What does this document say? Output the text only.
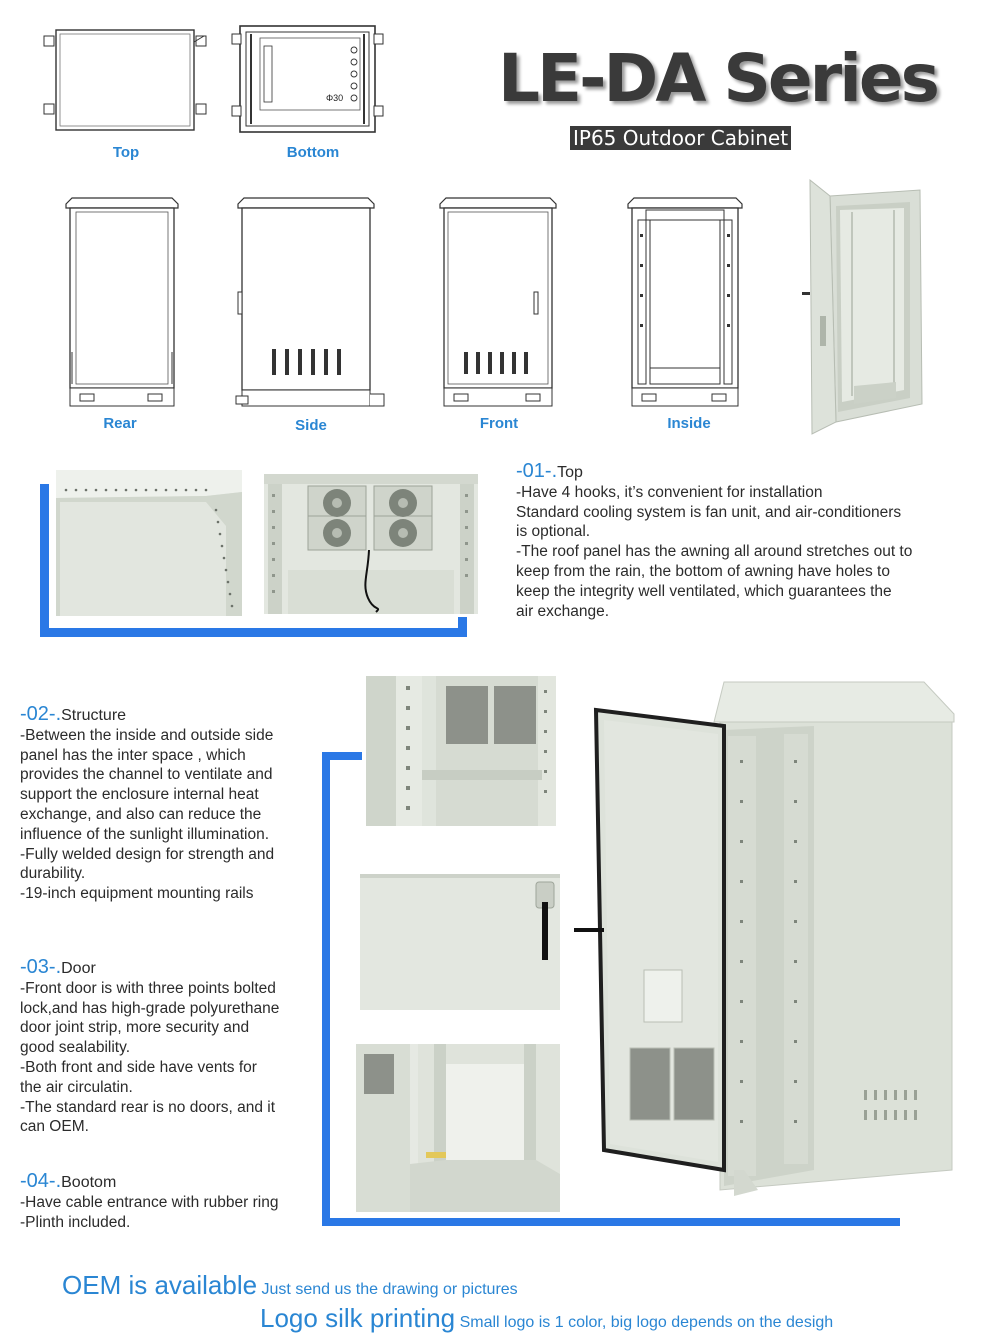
LE-DA Series
IP65 Outdoor Cabinet
Top
Φ30
Bottom
Rear	Side	Front	Inside
-01-.Top

-Have 4 hooks, it’s convenient for installation
Standard cooling system is fan unit, and air-conditioners
is optional.
-The roof panel has the awning all around stretches out to
keep from the rain, the bottom of awning have holes to
keep the integrity well ventilated, which guarantees the
air exchange.

-02-.Structure

-Between the inside and outside side
panel has the inter space , which
provides the channel to ventilate and
support the enclosure internal heat
exchange, and also can reduce the
influence of the sunlight illumination.
-Fully welded design for strength and
durability.
-19-inch equipment mounting rails

-03-.Door

-Front door is with three points bolted
lock,and has high-grade polyurethane
door joint strip, more security and
good sealability.
-Both front and side have vents for
the air circulatin.
-The standard rear is no doors, and it
can OEM.

-04-.Bootom

-Have cable entrance with rubber ring
-Plinth included.

OEM is available Just send us the drawing or pictures
Logo silk printing Small logo is 1 color, big logo depends on the desigh
